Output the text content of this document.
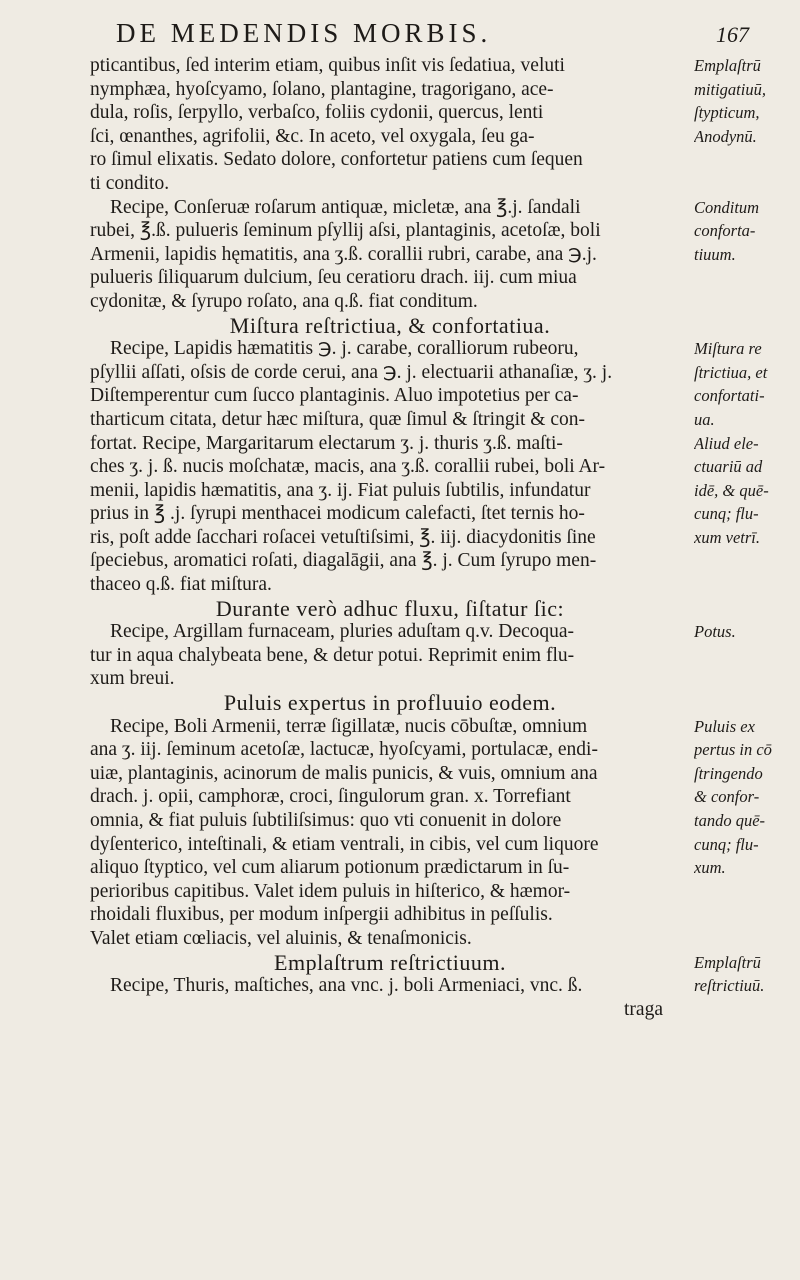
DE MEDENDIS MORBIS.	167
pticantibus, ſed interim etiam, quibus inſit vis ſedatiua, veluti
nymphæa, hyoſcyamo, ſolano, plantagine, tragorigano, ace-
dula, roſis, ſerpyllo, verbaſco, foliis cydonii, quercus, lenti
ſci, œnanthes, agrifolii, &c. In aceto, vel oxygala, ſeu ga-
ro ſimul elixatis. Sedato dolore, confortetur patiens cum ſequen
ti condito.
Recipe, Conſeruæ roſarum antiquæ, micletæ, ana ℥.j. ſandali
rubei, ℥.ß. pulueris ſeminum pſyllij aſsi, plantaginis, acetoſæ, boli
Armenii, lapidis hęmatitis, ana ʒ.ß. corallii rubri, carabe, ana ℈.j.
pulueris ſiliquarum dulcium, ſeu ceratioru drach. iij. cum miua
cydonitæ, & ſyrupo roſato, ana q.ß. fiat conditum.
Miſtura reſtrictiua, & confortatiua.
Recipe, Lapidis hæmatitis ℈. j. carabe, coralliorum rubeoru,
pſyllii aſſati, oſsis de corde cerui, ana ℈. j. electuarii athanaſiæ, ʒ. j.
Diſtemperentur cum ſucco plantaginis. Aluo impotetius per ca-
tharticum citata, detur hæc miſtura, quæ ſimul & ſtringit & con-
fortat. Recipe, Margaritarum electarum ʒ. j. thuris ʒ.ß. maſti-
ches ʒ. j. ß. nucis moſchatæ, macis, ana ʒ.ß. corallii rubei, boli Ar-
menii, lapidis hæmatitis, ana ʒ. ij. Fiat puluis ſubtilis, infundatur
prius in ℥ .j. ſyrupi menthacei modicum calefacti, ſtet ternis ho-
ris, poſt adde ſacchari roſacei vetuſtiſsimi, ℥. iij. diacydonitis ſine
ſpeciebus, aromatici roſati, diagalāgii, ana ℥. j. Cum ſyrupo men-
thaceo q.ß. fiat miſtura.
Durante verò adhuc fluxu, ſiſtatur ſic:
Recipe, Argillam furnaceam, pluries aduſtam q.v. Decoqua-
tur in aqua chalybeata bene, & detur potui. Reprimit enim flu-
xum breui.
Puluis expertus in profluuio eodem.
Recipe, Boli Armenii, terræ ſigillatæ, nucis cōbuſtæ, omnium
ana ʒ. iij. ſeminum acetoſæ, lactucæ, hyoſcyami, portulacæ, endi-
uiæ, plantaginis, acinorum de malis punicis, & vuis, omnium ana
drach. j. opii, camphoræ, croci, ſingulorum gran. x. Torrefiant
omnia, & fiat puluis ſubtiliſsimus: quo vti conuenit in dolore
dyſenterico, inteſtinali, & etiam ventrali, in cibis, vel cum liquore
aliquo ſtyptico, vel cum aliarum potionum prædictarum in ſu-
perioribus capitibus. Valet idem puluis in hiſterico, & hæmor-
rhoidali fluxibus, per modum inſpergii adhibitus in peſſulis.
Valet etiam cœliacis, vel aluinis, & tenaſmonicis.
Emplaſtrum reſtrictiuum.
Recipe, Thuris, maſtiches, ana vnc. j. boli Armeniaci, vnc. ß.
traga
Emplaſtrū
mitigatiuū,
ſtypticum,
Anodynū.
Conditum
conforta-
tiuum.
Miſtura re
ſtrictiua, et
confortati-
ua.
Aliud ele-
ctuariū ad
idē, & quē-
cunq; flu-
xum vetrī.
Potus.
Puluis ex
pertus in cō
ſtringendo
& confor-
tando quē-
cunq; flu-
xum.
Emplaſtrū
reſtrictiuū.
